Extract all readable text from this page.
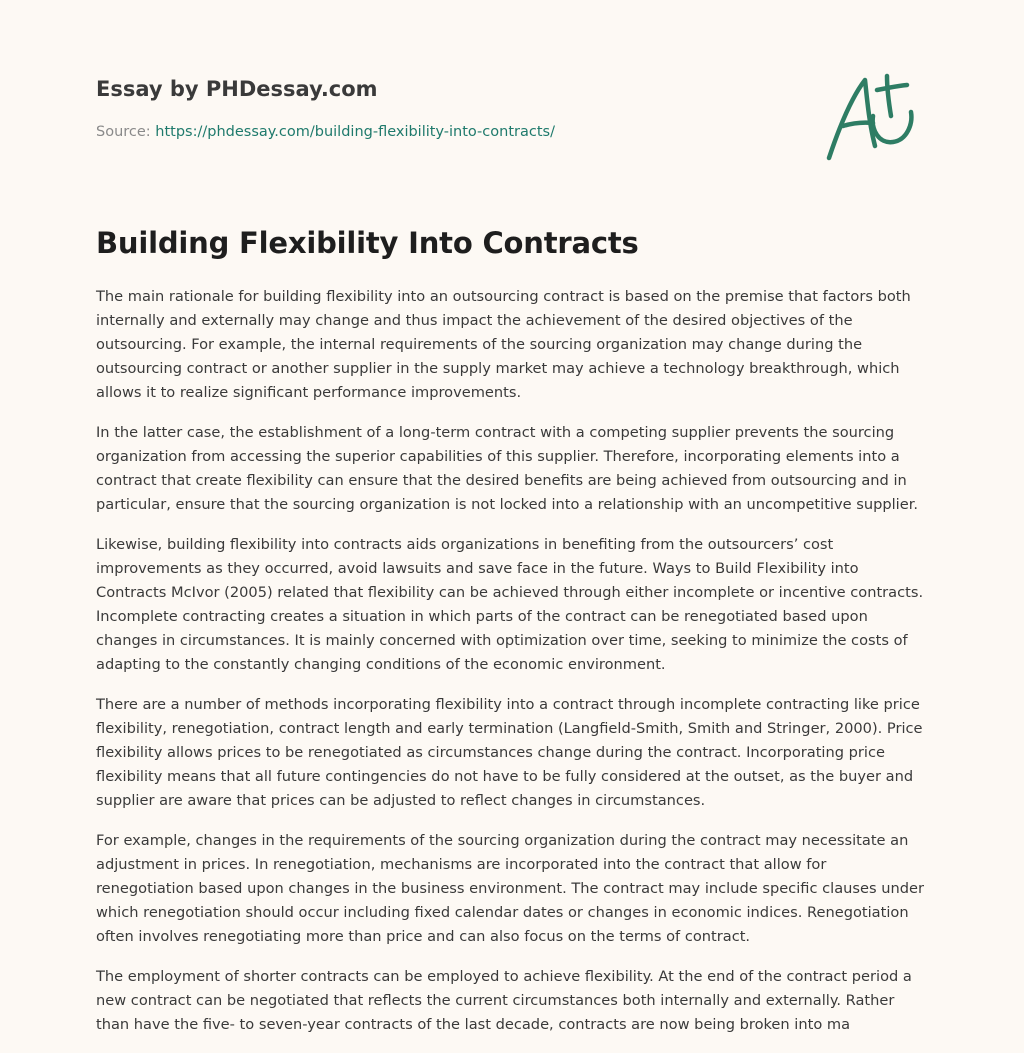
Essay by PHDessay.com
Source: https://phdessay.com/building-flexibility-into-contracts/
Building Flexibility Into Contracts

The main rationale for building flexibility into an outsourcing contract is based on the premise that factors both internally and externally may change and thus impact the achievement of the desired objectives of the outsourcing. For example, the internal requirements of the sourcing organization may change during the outsourcing contract or another supplier in the supply market may achieve a technology breakthrough, which allows it to realize significant performance improvements.

In the latter case, the establishment of a long-term contract with a competing supplier prevents the sourcing organization from accessing the superior capabilities of this supplier. Therefore, incorporating elements into a contract that create flexibility can ensure that the desired benefits are being achieved from outsourcing and in particular, ensure that the sourcing organization is not locked into a relationship with an uncompetitive supplier.

Likewise, building flexibility into contracts aids organizations in benefiting from the outsourcers’ cost improvements as they occurred, avoid lawsuits and save face in the future. Ways to Build Flexibility into Contracts McIvor (2005) related that flexibility can be achieved through either incomplete or incentive contracts. Incomplete contracting creates a situation in which parts of the contract can be renegotiated based upon changes in circumstances. It is mainly concerned with optimization over time, seeking to minimize the costs of adapting to the constantly changing conditions of the economic environment.

There are a number of methods incorporating flexibility into a contract through incomplete contracting like price flexibility, renegotiation, contract length and early termination (Langfield-Smith, Smith and Stringer, 2000). Price flexibility allows prices to be renegotiated as circumstances change during the contract. Incorporating price flexibility means that all future contingencies do not have to be fully considered at the outset, as the buyer and supplier are aware that prices can be adjusted to reflect changes in circumstances.

For example, changes in the requirements of the sourcing organization during the contract may necessitate an adjustment in prices. In renegotiation, mechanisms are incorporated into the contract that allow for renegotiation based upon changes in the business environment. The contract may include specific clauses under which renegotiation should occur including fixed calendar dates or changes in economic indices. Renegotiation often involves renegotiating more than price and can also focus on the terms of contract.

The employment of shorter contracts can be employed to achieve flexibility. At the end of the contract period a new contract can be negotiated that reflects the current circumstances both internally and externally. Rather than have the five- to seven-year contracts of the last decade, contracts are now being broken into ma
